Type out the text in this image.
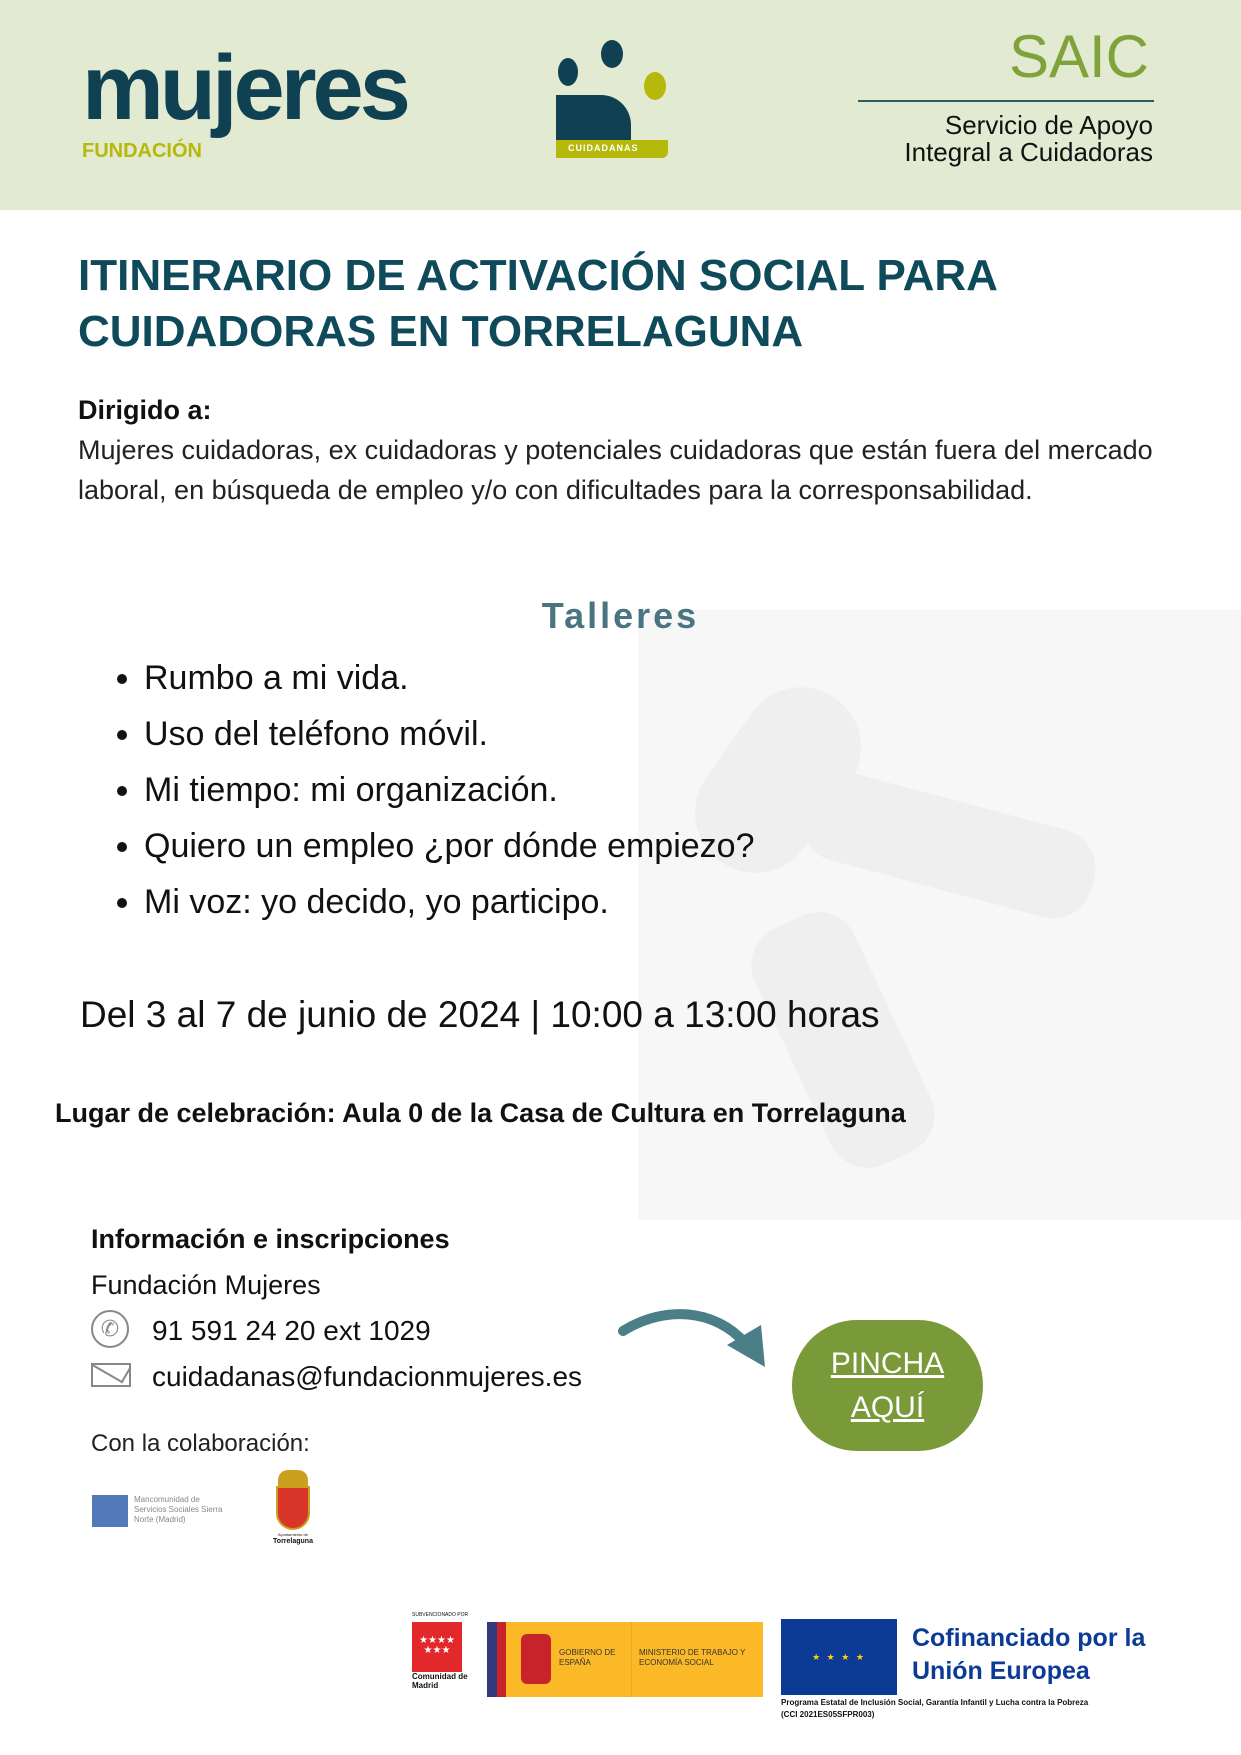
mujeres
FUNDACIÓN	CUIDADANAS
SAIC
Servicio de Apoyo
Integral a Cuidadoras
ITINERARIO DE ACTIVACIÓN SOCIAL PARA
CUIDADORAS EN TORRELAGUNA
Dirigido a:
Mujeres cuidadoras, ex cuidadoras y potenciales cuidadoras que están fuera del mercado laboral, en búsqueda de empleo y/o con dificultades para la corresponsabilidad.
Talleres
• Rumbo a mi vida.
• Uso del teléfono móvil.
• Mi tiempo: mi organización.
• Quiero un empleo ¿por dónde empiezo?
• Mi voz: yo decido, yo participo.
Del 3 al 7 de junio de 2024 | 10:00 a 13:00 horas
Lugar de celebración: Aula 0 de la Casa de Cultura en Torrelaguna
Información e inscripciones
Fundación Mujeres
✆	91 591 24 20 ext 1029
cuidadanas@fundacionmujeres.es	PINCHA
AQUÍ
Con la colaboración:
Mancomunidad de Servicios Sociales Sierra Norte (Madrid)
Ayuntamiento de
Torrelaguna
SUBVENCIONADO POR
★★★★
★★★
Comunidad de Madrid
GOBIERNO DE ESPAÑA
MINISTERIO DE TRABAJO Y ECONOMÍA SOCIAL
★ ★ ★ ★
Cofinanciado por la Unión Europea
Programa Estatal de Inclusión Social, Garantía Infantil y Lucha contra la Pobreza
(CCI 2021ES05SFPR003)
